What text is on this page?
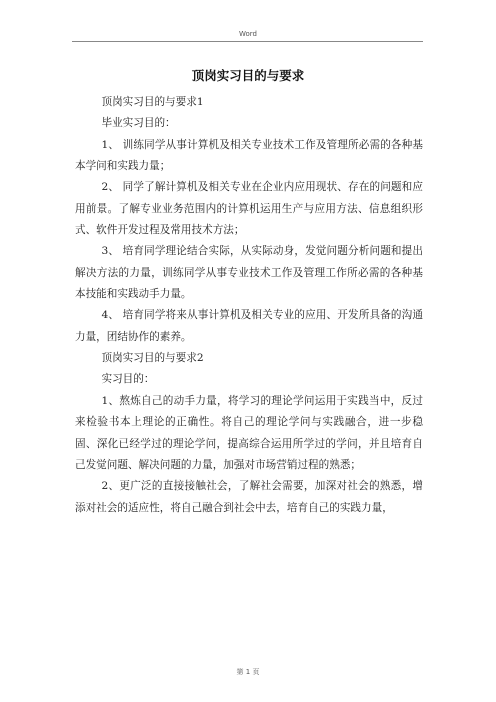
Word
顶岗实习目的与要求

顶岗实习目的与要求1

毕业实习目的：

1、 训练同学从事计算机及相关专业技术工作及管理所必需的各种基本学问和实践力量；

2、 同学了解计算机及相关专业在企业内应用现状、存在的问题和应用前景。了解专业业务范围内的计算机运用生产与应用方法、信息组织形式、软件开发过程及常用技术方法；

3、 培育同学理论结合实际，从实际动身，发觉问题分析问题和提出解决方法的力量，训练同学从事专业技术工作及管理工作所必需的各种基本技能和实践动手力量。

4、 培育同学将来从事计算机及相关专业的应用、开发所具备的沟通力量，团结协作的素养。

顶岗实习目的与要求2

实习目的：

1、熬炼自己的动手力量，将学习的理论学问运用于实践当中，反过来检验书本上理论的正确性。将自己的理论学问与实践融合，进一步稳固、深化已经学过的理论学问，提高综合运用所学过的学问，并且培育自己发觉问题、解决问题的力量，加强对市场营销过程的熟悉；

2、更广泛的直接接触社会，了解社会需要，加深对社会的熟悉，增添对社会的适应性，将自己融合到社会中去，培育自己的实践力量，

第 1 页
